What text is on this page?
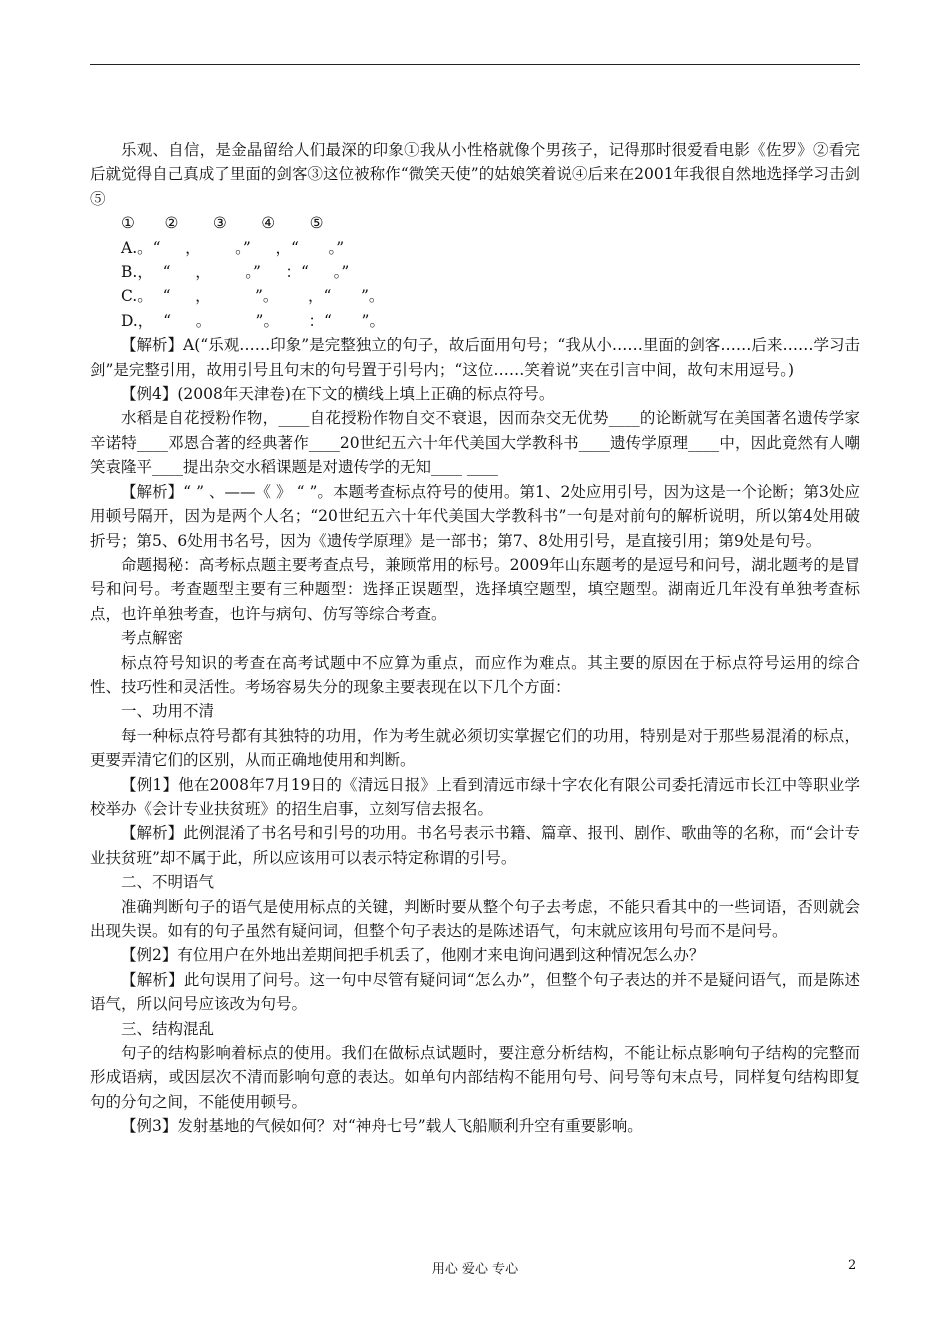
乐观、自信，是金晶留给人们最深的印象①我从小性格就像个男孩子，记得那时很爱看电影《佐罗》②看完后就觉得自己真成了里面的剑客③这位被称作“微笑天使”的姑娘笑着说④后来在2001年我很自然地选择学习击剑⑤

①      ②       ③       ④       ⑤

A.。“     ，       。”     ，“      。”

B.，  “     ，       。”     ：“     。”

C.。  “     ，         ”。      ，“      ”。

D.，  “     。         ”。      ：“      ”。

【解析】A(“乐观……印象”是完整独立的句子，故后面用句号；“我从小……里面的剑客……后来……学习击剑”是完整引用，故用引号且句末的句号置于引号内；“这位……笑着说”夹在引言中间，故句末用逗号。)

【例4】(2008年天津卷)在下文的横线上填上正确的标点符号。

水稻是自花授粉作物，____自花授粉作物自交不衰退，因而杂交无优势____的论断就写在美国著名遗传学家辛诺特____邓恩合著的经典著作____20世纪五六十年代美国大学教科书____遗传学原理____中，因此竟然有人嘲笑袁隆平____提出杂交水稻课题是对遗传学的无知____ ____

【解析】“ ” 、——《 》 “ ”。本题考查标点符号的使用。第1、2处应用引号，因为这是一个论断；第3处应用顿号隔开，因为是两个人名；“20世纪五六十年代美国大学教科书”一句是对前句的解析说明，所以第4处用破折号；第5、6处用书名号，因为《遗传学原理》是一部书；第7、8处用引号，是直接引用；第9处是句号。

命题揭秘：高考标点题主要考查点号，兼顾常用的标号。2009年山东题考的是逗号和问号，湖北题考的是冒号和问号。考查题型主要有三种题型：选择正误题型，选择填空题型，填空题型。湖南近几年没有单独考查标点，也许单独考查，也许与病句、仿写等综合考查。

考点解密

标点符号知识的考查在高考试题中不应算为重点，而应作为难点。其主要的原因在于标点符号运用的综合性、技巧性和灵活性。考场容易失分的现象主要表现在以下几个方面：

一、功用不清

每一种标点符号都有其独特的功用，作为考生就必须切实掌握它们的功用，特别是对于那些易混淆的标点，更要弄清它们的区别，从而正确地使用和判断。

【例1】他在2008年7月19日的《清远日报》上看到清远市绿十字农化有限公司委托清远市长江中等职业学校举办《会计专业扶贫班》的招生启事，立刻写信去报名。

【解析】此例混淆了书名号和引号的功用。书名号表示书籍、篇章、报刊、剧作、歌曲等的名称，而“会计专业扶贫班”却不属于此，所以应该用可以表示特定称谓的引号。

二、不明语气

准确判断句子的语气是使用标点的关键，判断时要从整个句子去考虑，不能只看其中的一些词语，否则就会出现失误。如有的句子虽然有疑问词，但整个句子表达的是陈述语气，句末就应该用句号而不是问号。

【例2】有位用户在外地出差期间把手机丢了，他刚才来电询问遇到这种情况怎么办？

【解析】此句误用了问号。这一句中尽管有疑问词“怎么办”，但整个句子表达的并不是疑问语气，而是陈述语气，所以问号应该改为句号。

三、结构混乱

句子的结构影响着标点的使用。我们在做标点试题时，要注意分析结构，不能让标点影响句子结构的完整而形成语病，或因层次不清而影响句意的表达。如单句内部结构不能用句号、问号等句末点号，同样复句结构即复句的分句之间，不能使用顿号。

【例3】发射基地的气候如何？对“神舟七号”载人飞船顺利升空有重要影响。

用心 爱心 专心	2
